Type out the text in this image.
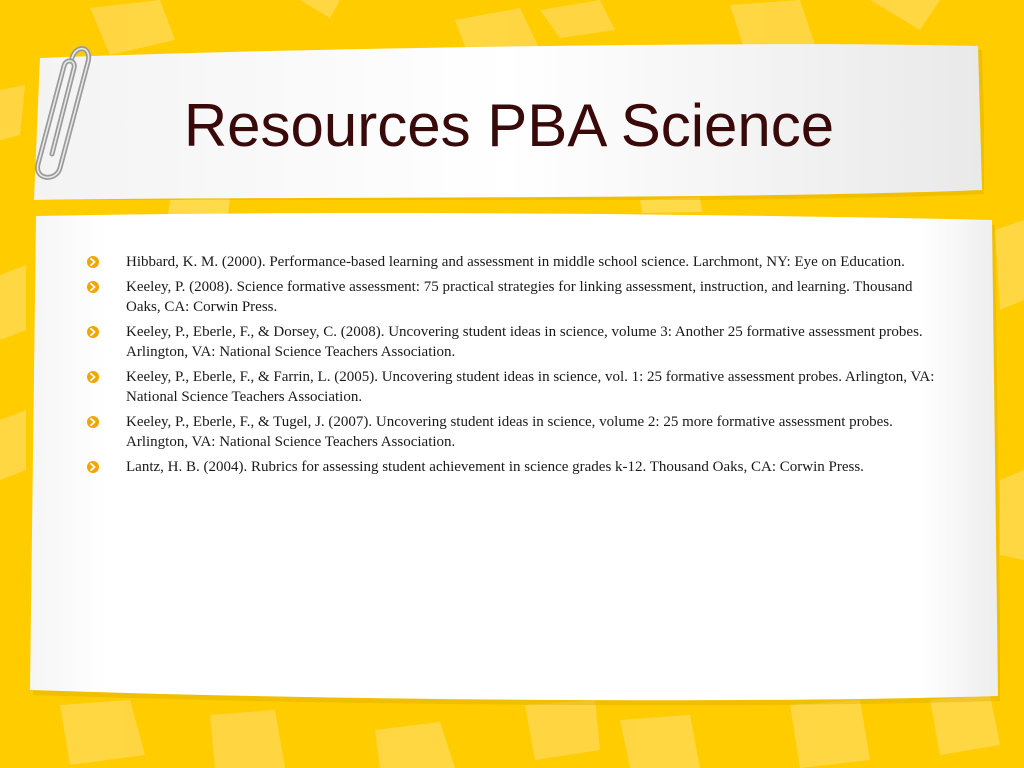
Resources PBA Science
Hibbard, K. M. (2000). Performance-based learning and assessment in middle school science. Larchmont, NY: Eye on Education.
Keeley, P. (2008). Science formative assessment: 75 practical strategies for linking assessment, instruction, and learning. Thousand Oaks, CA: Corwin Press.
Keeley, P., Eberle, F., & Dorsey, C. (2008). Uncovering student ideas in science, volume 3: Another 25 formative assessment probes. Arlington, VA: National Science Teachers Association.
Keeley, P., Eberle, F., & Farrin, L. (2005). Uncovering student ideas in science, vol. 1: 25 formative assessment probes. Arlington, VA: National Science Teachers Association.
Keeley, P., Eberle, F., & Tugel, J. (2007). Uncovering student ideas in science, volume 2: 25 more formative assessment probes. Arlington, VA: National Science Teachers Association.
Lantz, H. B. (2004). Rubrics for assessing student achievement in science grades k-12. Thousand Oaks, CA: Corwin Press.
